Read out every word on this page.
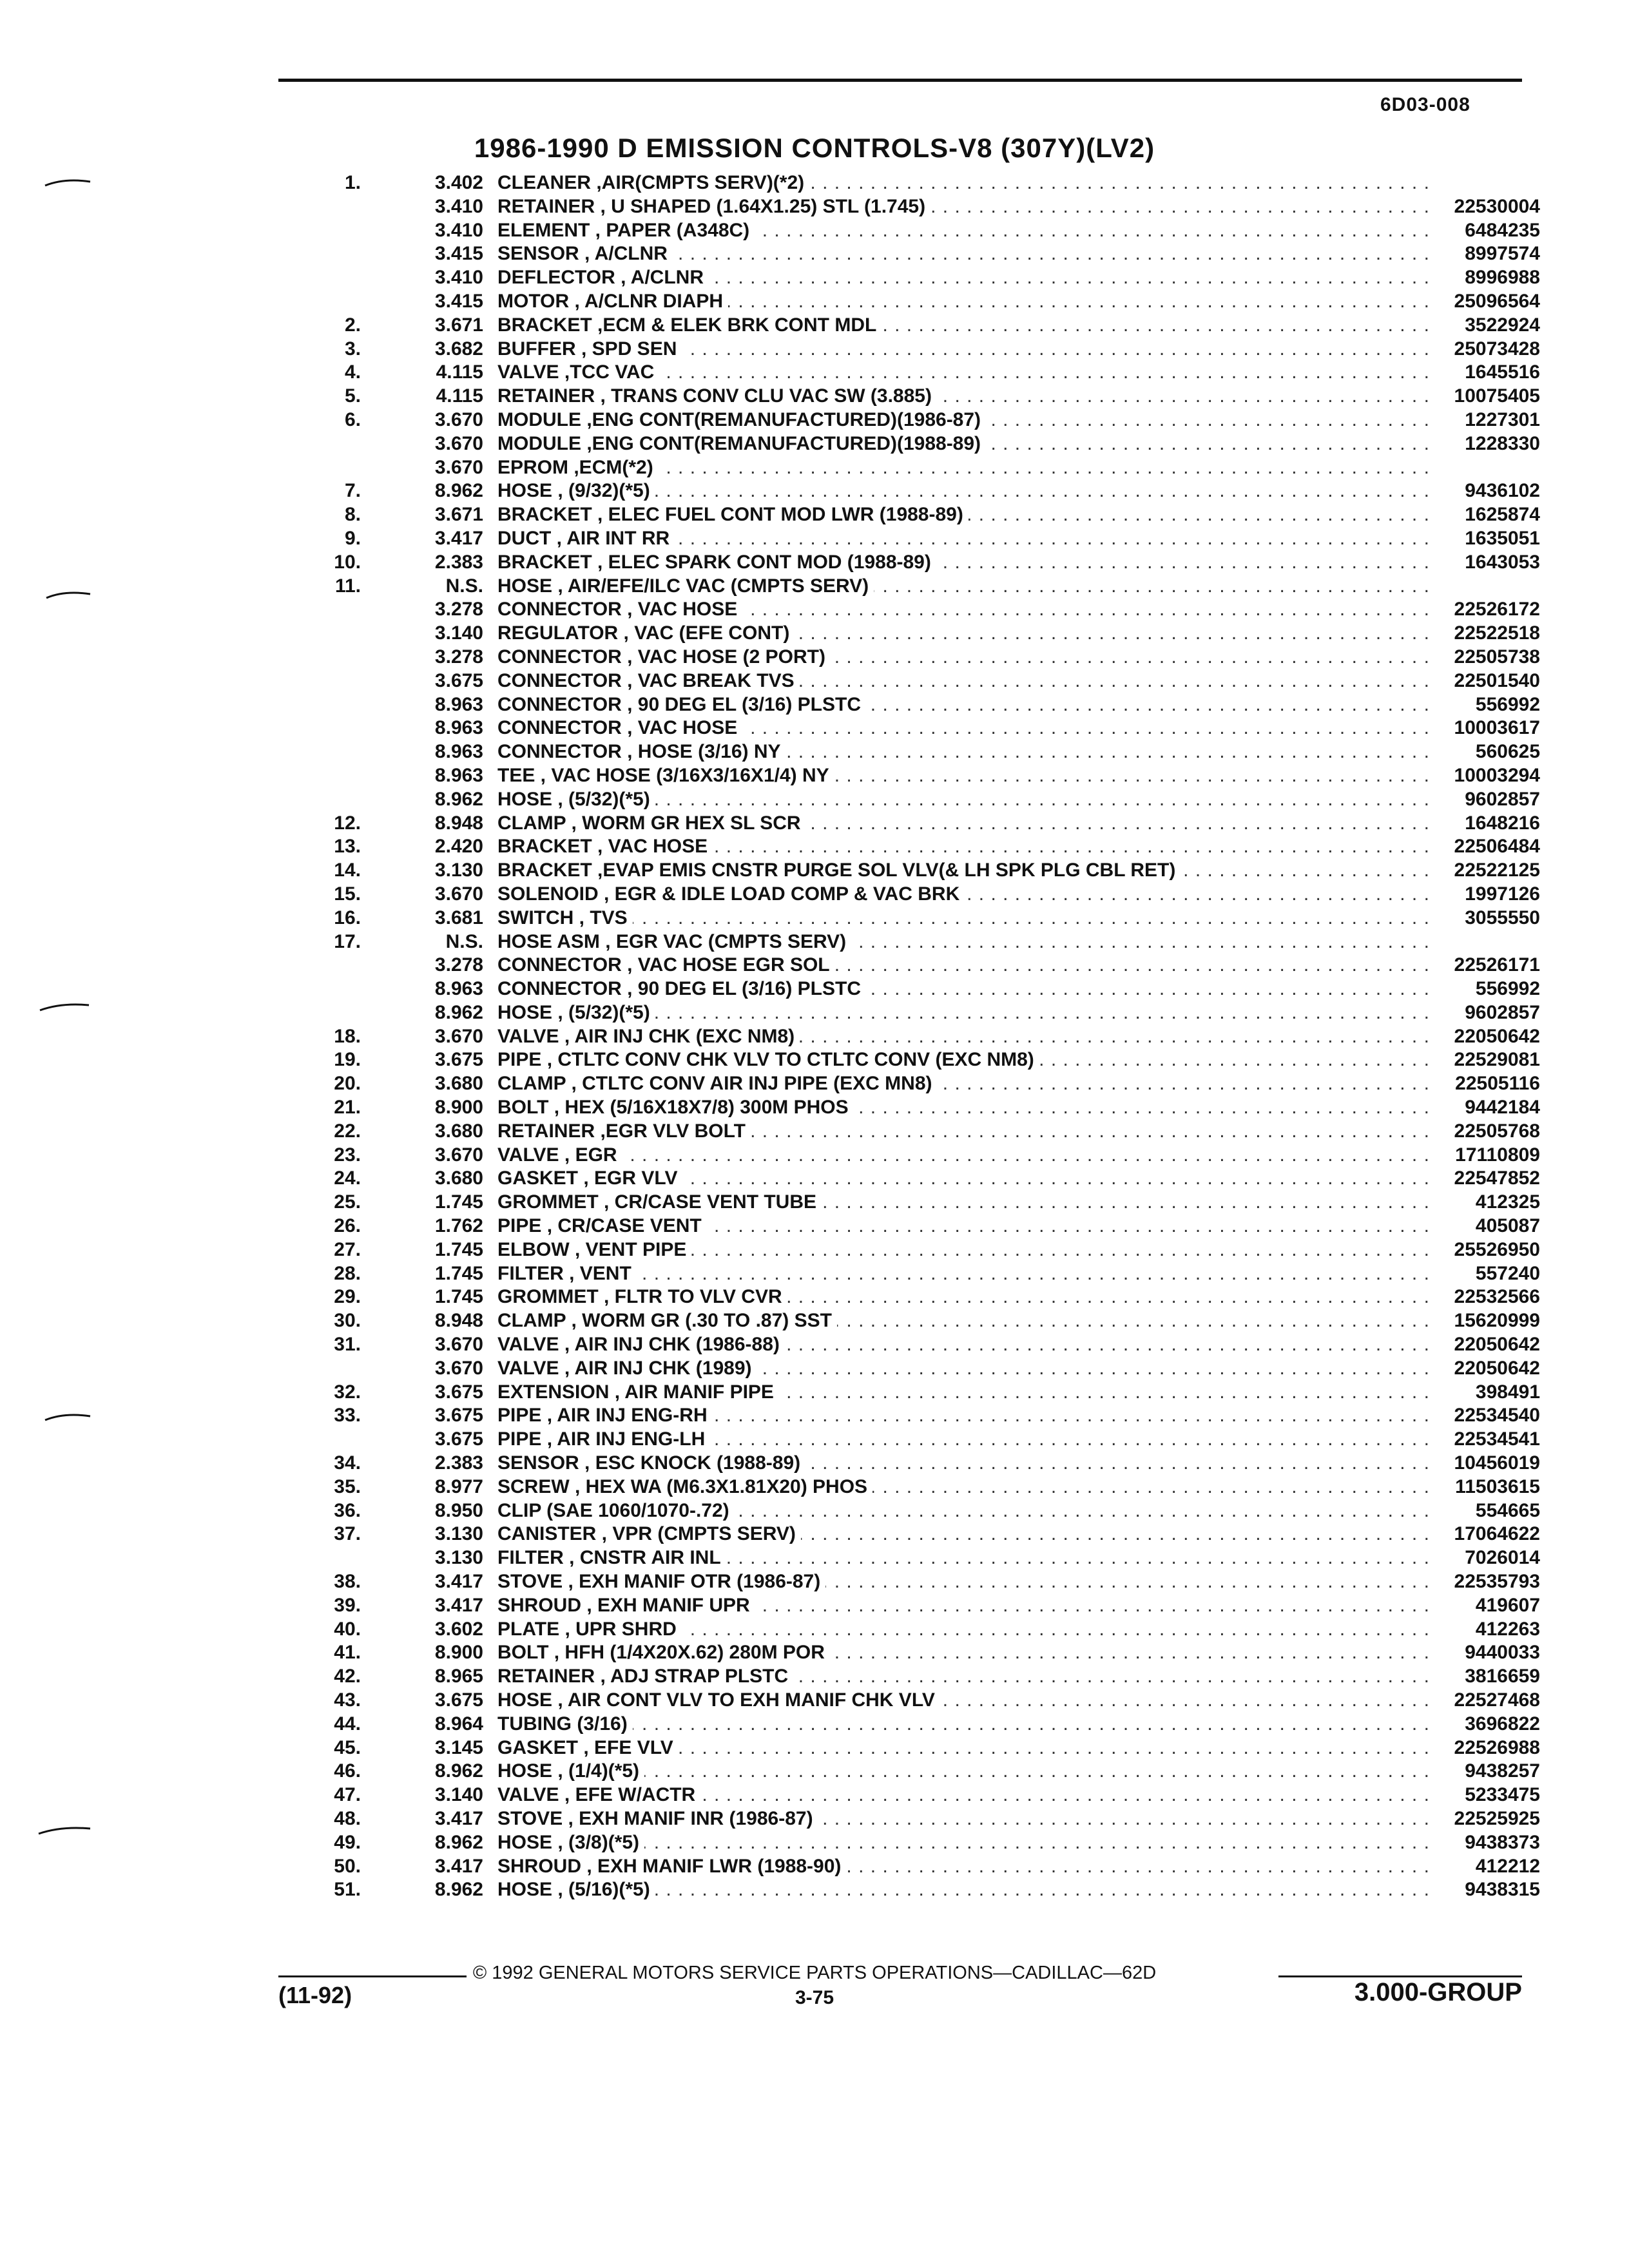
6D03-008
1986-1990 D EMISSION CONTROLS-V8 (307Y)(LV2)
1.	3.402 CLEANER ,AIR(CMPTS SERV)(*2) . . .
3.410 RETAINER , U SHAPED (1.64X1.25) STL (1.745) . . .	22530004
3.410 ELEMENT , PAPER (A348C) . . .	6484235
3.415 SENSOR , A/CLNR . . .	8997574
3.410 DEFLECTOR , A/CLNR . . .	8996988
3.415 MOTOR , A/CLNR DIAPH . . .	25096564
2.	3.671 BRACKET ,ECM & ELEK BRK CONT MDL . . .	3522924
3.	3.682 BUFFER , SPD SEN . . .	25073428
4.	4.115 VALVE ,TCC VAC . . .	1645516
5.	4.115 RETAINER , TRANS CONV CLU VAC SW (3.885) . . .	10075405
6.	3.670 MODULE ,ENG CONT(REMANUFACTURED)(1986-87) . . .	1227301
3.670 MODULE ,ENG CONT(REMANUFACTURED)(1988-89) . . .	1228330
3.670 EPROM ,ECM(*2) . . .
7.	8.962 HOSE , (9/32)(*5) . . .	9436102
8.	3.671 BRACKET , ELEC FUEL CONT MOD LWR (1988-89) . . .	1625874
9.	3.417 DUCT , AIR INT RR . . .	1635051
10.	2.383 BRACKET , ELEC SPARK CONT MOD (1988-89) . . .	1643053
11.	N.S. HOSE , AIR/EFE/ILC VAC (CMPTS SERV) . . .
3.278 CONNECTOR , VAC HOSE . . .	22526172
3.140 REGULATOR , VAC (EFE CONT) . . .	22522518
3.278 CONNECTOR , VAC HOSE (2 PORT) . . .	22505738
3.675 CONNECTOR , VAC BREAK TVS . . .	22501540
8.963 CONNECTOR , 90 DEG EL (3/16) PLSTC . . .	556992
8.963 CONNECTOR , VAC HOSE . . .	10003617
8.963 CONNECTOR , HOSE (3/16) NY . . .	560625
8.963 TEE , VAC HOSE (3/16X3/16X1/4) NY . . .	10003294
8.962 HOSE , (5/32)(*5) . . .	9602857
12.	8.948 CLAMP , WORM GR HEX SL SCR . . .	1648216
13.	2.420 BRACKET , VAC HOSE . . .	22506484
14.	3.130 BRACKET ,EVAP EMIS CNSTR PURGE SOL VLV(& LH SPK PLG CBL RET) . . .	22522125
15.	3.670 SOLENOID , EGR & IDLE LOAD COMP & VAC BRK . . .	1997126
16.	3.681 SWITCH , TVS . . .	3055550
17.	N.S. HOSE ASM , EGR VAC (CMPTS SERV) . . .
3.278 CONNECTOR , VAC HOSE EGR SOL . . .	22526171
8.963 CONNECTOR , 90 DEG EL (3/16) PLSTC . . .	556992
8.962 HOSE , (5/32)(*5) . . .	9602857
18.	3.670 VALVE , AIR INJ CHK (EXC NM8) . . .	22050642
19.	3.675 PIPE , CTLTC CONV CHK VLV TO CTLTC CONV (EXC NM8) . . .	22529081
20.	3.680 CLAMP , CTLTC CONV AIR INJ PIPE (EXC MN8) . . .	22505116
21.	8.900 BOLT , HEX (5/16X18X7/8) 300M PHOS . . .	9442184
22.	3.680 RETAINER ,EGR VLV BOLT . . .	22505768
23.	3.670 VALVE , EGR . . .	17110809
24.	3.680 GASKET , EGR VLV . . .	22547852
25.	1.745 GROMMET , CR/CASE VENT TUBE . . .	412325
26.	1.762 PIPE , CR/CASE VENT . . .	405087
27.	1.745 ELBOW , VENT PIPE . . .	25526950
28.	1.745 FILTER , VENT . . .	557240
29.	1.745 GROMMET , FLTR TO VLV CVR . . .	22532566
30.	8.948 CLAMP , WORM GR (.30 TO .87) SST . . .	15620999
31.	3.670 VALVE , AIR INJ CHK (1986-88) . . .	22050642
3.670 VALVE , AIR INJ CHK (1989) . . .	22050642
32.	3.675 EXTENSION , AIR MANIF PIPE . . .	398491
33.	3.675 PIPE , AIR INJ ENG-RH . . .	22534540
3.675 PIPE , AIR INJ ENG-LH . . .	22534541
34.	2.383 SENSOR , ESC KNOCK (1988-89) . . .	10456019
35.	8.977 SCREW , HEX WA (M6.3X1.81X20) PHOS . . .	11503615
36.	8.950 CLIP (SAE 1060/1070-.72) . . .	554665
37.	3.130 CANISTER , VPR (CMPTS SERV) . . .	17064622
3.130 FILTER , CNSTR AIR INL . . .	7026014
38.	3.417 STOVE , EXH MANIF OTR (1986-87) . . .	22535793
39.	3.417 SHROUD , EXH MANIF UPR . . .	419607
40.	3.602 PLATE , UPR SHRD . . .	412263
41.	8.900 BOLT , HFH (1/4X20X.62) 280M POR . . .	9440033
42.	8.965 RETAINER , ADJ STRAP PLSTC . . .	3816659
43.	3.675 HOSE , AIR CONT VLV TO EXH MANIF CHK VLV . . .	22527468
44.	8.964 TUBING (3/16) . . .	3696822
45.	3.145 GASKET , EFE VLV . . .	22526988
46.	8.962 HOSE , (1/4)(*5) . . .	9438257
47.	3.140 VALVE , EFE W/ACTR . . .	5233475
48.	3.417 STOVE , EXH MANIF INR (1986-87) . . .	22525925
49.	8.962 HOSE , (3/8)(*5) . . .	9438373
50.	3.417 SHROUD , EXH MANIF LWR (1988-90) . . .	412212
51.	8.962 HOSE , (5/16)(*5) . . .	9438315
© 1992 GENERAL MOTORS SERVICE PARTS OPERATIONS—CADILLAC—62D
(11-92)	3-75	3.000-GROUP
